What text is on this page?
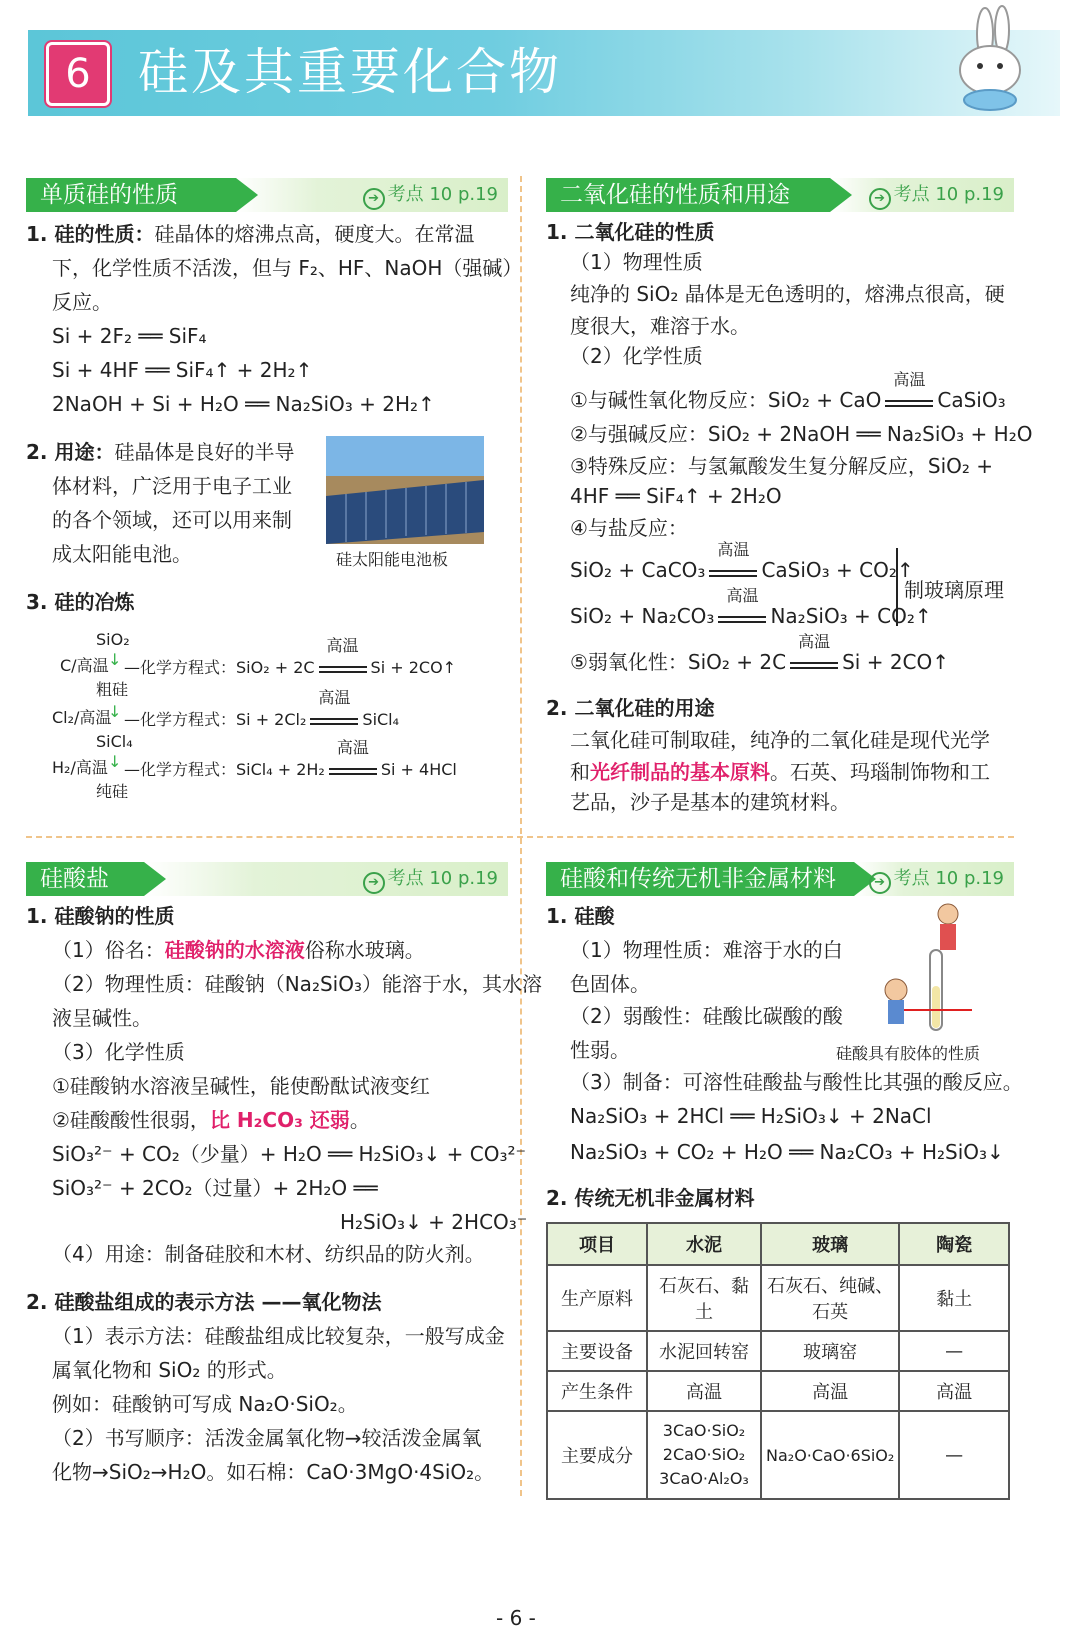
6 硅及其重要化合物
单质硅的性质	➔ 考点 10 p.19
1. 硅的性质：硅晶体的熔沸点高，硬度大。在常温
下，化学性质不活泼，但与 F₂、HF、NaOH（强碱）
反应。
Si + 2F₂ ══ SiF₄
Si + 4HF ══ SiF₄↑ + 2H₂↑
2NaOH + Si + H₂O ══ Na₂SiO₃ + 2H₂↑
2. 用途：硅晶体是良好的半导
体材料，广泛用于电子工业
的各个领域，还可以用来制
成太阳能电池。	硅太阳能电池板
3. 硅的冶炼
SiO₂
C/高温 ↓ —化学方程式：SiO₂ + 2C
高温
Si + 2CO↑
粗硅
Cl₂/高温
↓ —化学方程式：Si + 2Cl₂
高温
SiCl₄
SiCl₄
H₂/高温 ↓ —化学方程式：SiCl₄ + 2H₂
高温
Si + 4HCl
纯硅
二氧化硅的性质和用途	➔ 考点 10 p.19
1. 二氧化硅的性质
（1）物理性质
纯净的 SiO₂ 晶体是无色透明的，熔沸点很高，硬
度很大，难溶于水。
（2）化学性质
①与碱性氧化物反应：SiO₂ + CaO
高温
CaSiO₃
②与强碱反应：SiO₂ + 2NaOH ══ Na₂SiO₃ + H₂O
③特殊反应：与氢氟酸发生复分解反应，SiO₂ +
4HF ══ SiF₄↑ + 2H₂O
④与盐反应：
SiO₂ + CaCO₃
高温
CaSiO₃ + CO₂↑
SiO₂ + Na₂CO₃
高温
Na₂SiO₃ + CO₂↑
制玻璃原理
⑤弱氧化性：SiO₂ + 2C
高温
Si + 2CO↑
2. 二氧化硅的用途
二氧化硅可制取硅，纯净的二氧化硅是现代光学
和光纤制品的基本原料。石英、玛瑙制饰物和工
艺品，沙子是基本的建筑材料。
硅酸盐	➔ 考点 10 p.19
1. 硅酸钠的性质
（1）俗名：硅酸钠的水溶液俗称水玻璃。
（2）物理性质：硅酸钠（Na₂SiO₃）能溶于水，其水溶
液呈碱性。
（3）化学性质
①硅酸钠水溶液呈碱性，能使酚酞试液变红
②硅酸酸性很弱，比 H₂CO₃ 还弱。
SiO₃²⁻ + CO₂（少量）+ H₂O ══ H₂SiO₃↓ + CO₃²⁻
SiO₃²⁻ + 2CO₂（过量）+ 2H₂O ══
H₂SiO₃↓ + 2HCO₃⁻
（4）用途：制备硅胶和木材、纺织品的防火剂。
2. 硅酸盐组成的表示方法 ——氧化物法
（1）表示方法：硅酸盐组成比较复杂，一般写成金
属氧化物和 SiO₂ 的形式。
例如：硅酸钠可写成 Na₂O·SiO₂。
（2）书写顺序：活泼金属氧化物→较活泼金属氧
化物→SiO₂→H₂O。如石棉：CaO·3MgO·4SiO₂。
硅酸和传统无机非金属材料	➔ 考点 10 p.19
1. 硅酸
（1）物理性质：难溶于水的白
色固体。
（2）弱酸性：硅酸比碳酸的酸
性弱。	硅酸具有胶体的性质
（3）制备：可溶性硅酸盐与酸性比其强的酸反应。
Na₂SiO₃ + 2HCl ══ H₂SiO₃↓ + 2NaCl
Na₂SiO₃ + CO₂ + H₂O ══ Na₂CO₃ + H₂SiO₃↓
2. 传统无机非金属材料
项目	水泥	玻璃	陶瓷
生产原料	石灰石、黏土	石灰石、纯碱、石英	黏土
主要设备	水泥回转窑	玻璃窑	—
产生条件	高温	高温	高温
主要成分	3CaO·SiO₂ 2CaO·SiO₂ 3CaO·Al₂O₃	Na₂O·CaO·6SiO₂	—
- 6 -
